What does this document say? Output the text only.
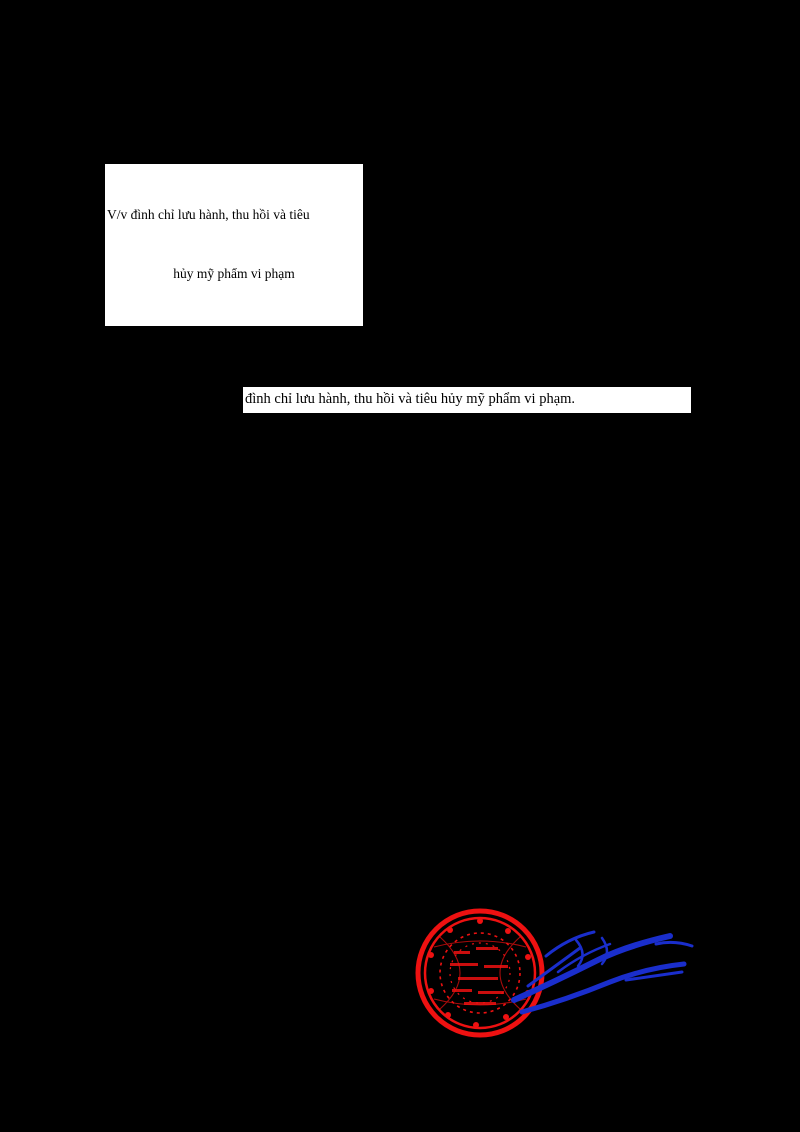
V/v đình chỉ lưu hành, thu hồi và tiêu

hủy mỹ phẩm vi phạm

đình chỉ lưu hành, thu hồi và tiêu hủy mỹ phẩm vi phạm.
